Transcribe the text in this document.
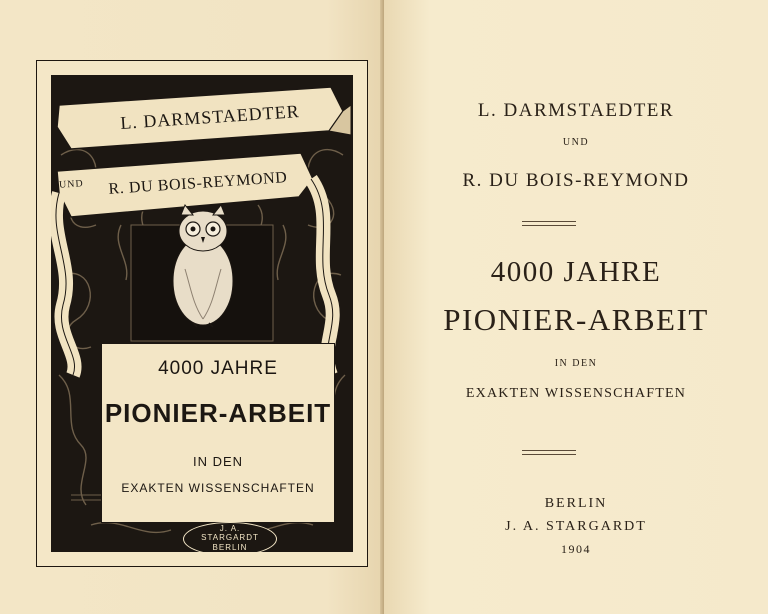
L. DARMSTAEDTER
UND	R. DU BOIS-REYMOND

4000 JAHRE

PIONIER-ARBEIT

IN DEN

EXAKTEN WISSENSCHAFTEN

J. A.
STARGARDT
BERLIN

L. DARMSTAEDTER

UND

R. DU BOIS-REYMOND

4000 JAHRE

PIONIER-ARBEIT

IN DEN

EXAKTEN WISSENSCHAFTEN

BERLIN

J. A. STARGARDT

1904
